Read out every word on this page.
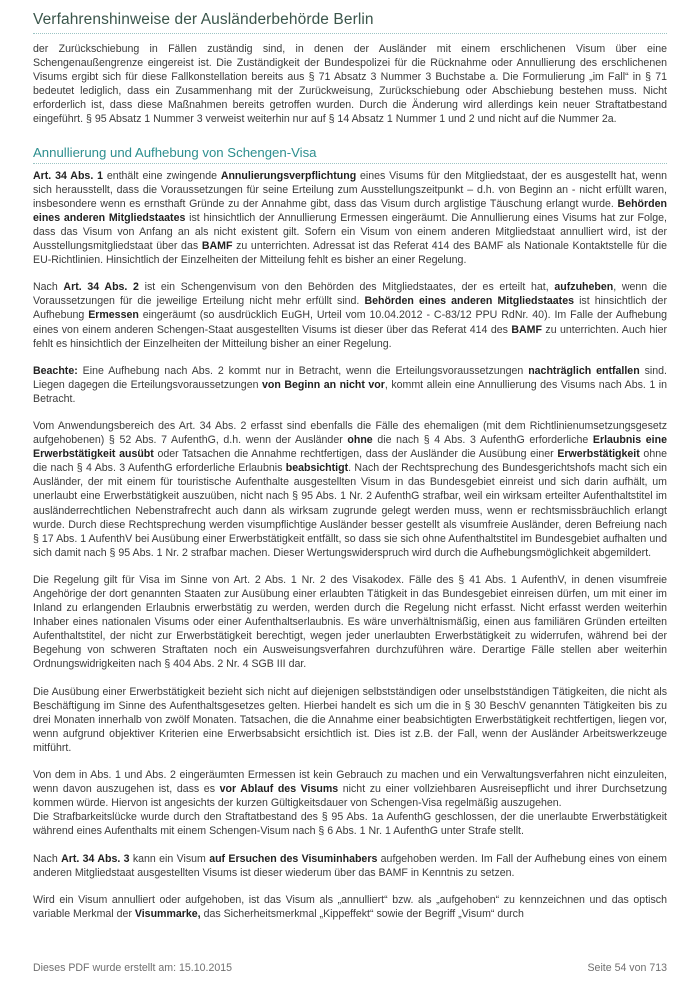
Verfahrenshinweise der Ausländerbehörde Berlin

der Zurückschiebung in Fällen zuständig sind, in denen der Ausländer mit einem erschlichenen Visum über eine Schengenaußengrenze eingereist ist. Die Zuständigkeit der Bundespolizei für die Rücknahme oder Annullierung des erschlichenen Visums ergibt sich für diese Fallkonstellation bereits aus § 71 Absatz 3 Nummer 3 Buchstabe a. Die Formulierung „im Fall“ in § 71 bedeutet lediglich, dass ein Zusammenhang mit der Zurückweisung, Zurückschiebung oder Abschiebung bestehen muss. Nicht erforderlich ist, dass diese Maßnahmen bereits getroffen wurden. Durch die Änderung wird allerdings kein neuer Straftatbestand eingeführt. § 95 Absatz 1 Nummer 3 verweist weiterhin nur auf § 14 Absatz 1 Nummer 1 und 2 und nicht auf die Nummer 2a.

Annullierung und Aufhebung von Schengen-Visa

Art. 34 Abs. 1 enthält eine zwingende Annulierungsverpflichtung eines Visums für den Mitgliedstaat, der es ausgestellt hat, wenn sich herausstellt, dass die Voraussetzungen für seine Erteilung zum Ausstellungszeitpunkt – d.h. von Beginn an - nicht erfüllt waren, insbesondere wenn es ernsthaft Gründe zu der Annahme gibt, dass das Visum durch arglistige Täuschung erlangt wurde. Behörden eines anderen Mitgliedstaates ist hinsichtlich der Annullierung Ermessen eingeräumt. Die Annullierung eines Visums hat zur Folge, dass das Visum von Anfang an als nicht existent gilt. Sofern ein Visum von einem anderen Mitgliedstaat annulliert wird, ist der Ausstellungsmitgliedstaat über das BAMF zu unterrichten. Adressat ist das Referat 414 des BAMF als Nationale Kontaktstelle für die EU-Richtlinien. Hinsichtlich der Einzelheiten der Mitteilung fehlt es bisher an einer Regelung.

Nach Art. 34 Abs. 2 ist ein Schengenvisum von den Behörden des Mitgliedstaates, der es erteilt hat, aufzuheben, wenn die Voraussetzungen für die jeweilige Erteilung nicht mehr erfüllt sind. Behörden eines anderen Mitgliedstaates ist hinsichtlich der Aufhebung Ermessen eingeräumt (so ausdrücklich EuGH, Urteil vom 10.04.2012 - C-83/12 PPU RdNr. 40). Im Falle der Aufhebung eines von einem anderen Schengen-Staat ausgestellten Visums ist dieser über das Referat 414 des BAMF zu unterrichten. Auch hier fehlt es hinsichtlich der Einzelheiten der Mitteilung bisher an einer Regelung.

Beachte: Eine Aufhebung nach Abs. 2 kommt nur in Betracht, wenn die Erteilungsvoraussetzungen nachträglich entfallen sind. Liegen dagegen die Erteilungsvoraussetzungen von Beginn an nicht vor, kommt allein eine Annullierung des Visums nach Abs. 1 in Betracht.

Vom Anwendungsbereich des Art. 34 Abs. 2 erfasst sind ebenfalls die Fälle des ehemaligen (mit dem Richtlinienumsetzungsgesetz aufgehobenen) § 52 Abs. 7 AufenthG, d.h. wenn der Ausländer ohne die nach § 4 Abs. 3 AufenthG erforderliche Erlaubnis eine Erwerbstätigkeit ausübt oder Tatsachen die Annahme rechtfertigen, dass der Ausländer die Ausübung einer Erwerbstätigkeit ohne die nach § 4 Abs. 3 AufenthG erforderliche Erlaubnis beabsichtigt. Nach der Rechtsprechung des Bundesgerichtshofs macht sich ein Ausländer, der mit einem für touristische Aufenthalte ausgestellten Visum in das Bundesgebiet einreist und sich darin aufhält, um unerlaubt eine Erwerbstätigkeit auszuüben, nicht nach § 95 Abs. 1 Nr. 2 AufenthG strafbar, weil ein wirksam erteilter Aufenthaltstitel im ausländerrechtlichen Nebenstrafrecht auch dann als wirksam zugrunde gelegt werden muss, wenn er rechtsmissbräuchlich erlangt wurde. Durch diese Rechtsprechung werden visumpflichtige Ausländer besser gestellt als visumfreie Ausländer, deren Befreiung nach § 17 Abs. 1 AufenthV bei Ausübung einer Erwerbstätigkeit entfällt, so dass sie sich ohne Aufenthaltstitel im Bundesgebiet aufhalten und sich damit nach § 95 Abs. 1 Nr. 2 strafbar machen. Dieser Wertungswiderspruch wird durch die Aufhebungsmöglichkeit abgemildert.

Die Regelung gilt für Visa im Sinne von Art. 2 Abs. 1 Nr. 2 des Visakodex. Fälle des § 41 Abs. 1 AufenthV, in denen visumfreie Angehörige der dort genannten Staaten zur Ausübung einer erlaubten Tätigkeit in das Bundesgebiet einreisen dürfen, um mit einer im Inland zu erlangenden Erlaubnis erwerbstätig zu werden, werden durch die Regelung nicht erfasst. Nicht erfasst werden weiterhin Inhaber eines nationalen Visums oder einer Aufenthaltserlaubnis. Es wäre unverhältnismäßig, einen aus familiären Gründen erteilten Aufenthaltstitel, der nicht zur Erwerbstätigkeit berechtigt, wegen jeder unerlaubten Erwerbstätigkeit zu widerrufen, während bei der Begehung von schweren Straftaten noch ein Ausweisungsverfahren durchzuführen wäre. Derartige Fälle stellen aber weiterhin Ordnungswidrigkeiten nach § 404 Abs. 2 Nr. 4 SGB III dar.

Die Ausübung einer Erwerbstätigkeit bezieht sich nicht auf diejenigen selbstständigen oder unselbstständigen Tätigkeiten, die nicht als Beschäftigung im Sinne des Aufenthaltsgesetzes gelten. Hierbei handelt es sich um die in § 30 BeschV genannten Tätigkeiten bis zu drei Monaten innerhalb von zwölf Monaten. Tatsachen, die die Annahme einer beabsichtigten Erwerbstätigkeit rechtfertigen, liegen vor, wenn aufgrund objektiver Kriterien eine Erwerbsabsicht ersichtlich ist. Dies ist z.B. der Fall, wenn der Ausländer Arbeitswerkzeuge mitführt.

Von dem in Abs. 1 und Abs. 2 eingeräumten Ermessen ist kein Gebrauch zu machen und ein Verwaltungsverfahren nicht einzuleiten, wenn davon auszugehen ist, dass es vor Ablauf des Visums nicht zu einer vollziehbaren Ausreisepflicht und ihrer Durchsetzung kommen würde. Hiervon ist angesichts der kurzen Gültigkeitsdauer von Schengen-Visa regelmäßig auszugehen.

Die Strafbarkeitslücke wurde durch den Straftatbestand des § 95 Abs. 1a AufenthG geschlossen, der die unerlaubte Erwerbstätigkeit während eines Aufenthalts mit einem Schengen-Visum nach § 6 Abs. 1 Nr. 1 AufenthG unter Strafe stellt.

Nach Art. 34 Abs. 3 kann ein Visum auf Ersuchen des Visuminhabers aufgehoben werden. Im Fall der Aufhebung eines von einem anderen Mitgliedstaat ausgestellten Visums ist dieser wiederum über das BAMF in Kenntnis zu setzen.

Wird ein Visum annulliert oder aufgehoben, ist das Visum als „annulliert“ bzw. als „aufgehoben“ zu kennzeichnen und das optisch variable Merkmal der Visummarke, das Sicherheitsmerkmal „Kippeffekt“ sowie der Begriff „Visum“ durch

Dieses PDF wurde erstellt am: 15.10.2015	Seite 54 von 713
